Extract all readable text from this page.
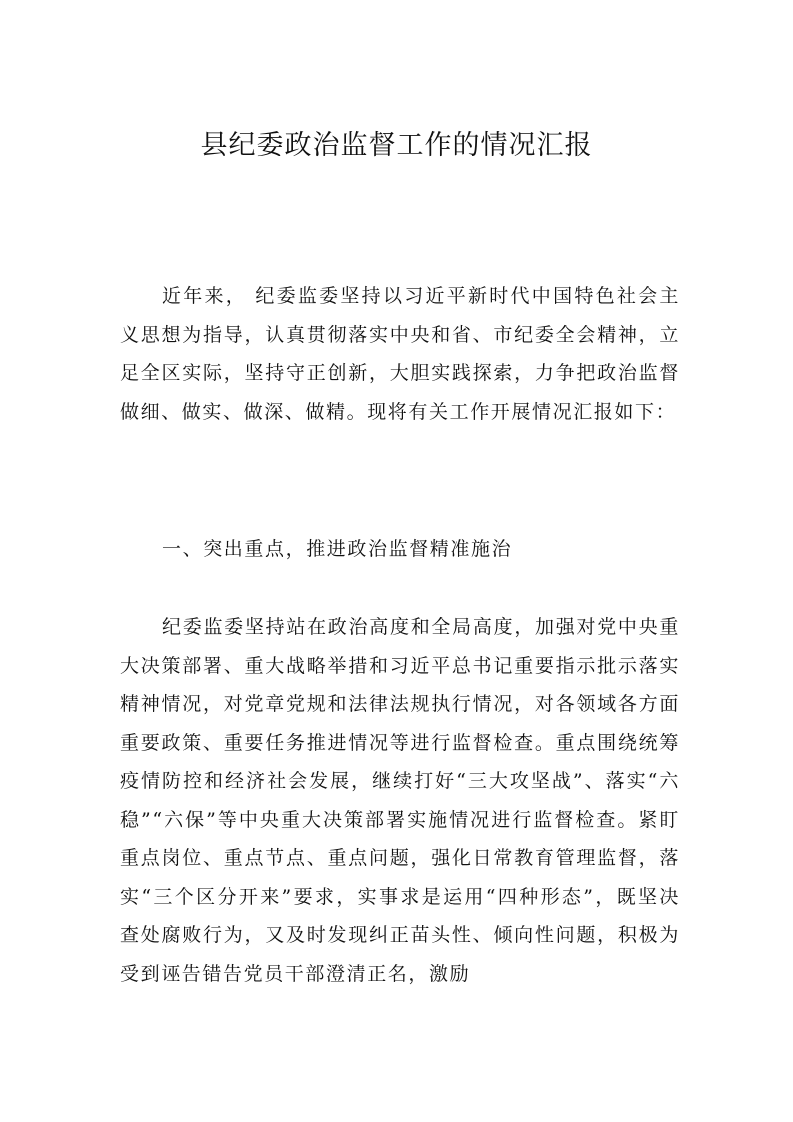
县纪委政治监督工作的情况汇报

近年来， 纪委监委坚持以习近平新时代中国特色社会主义思想为指导，认真贯彻落实中央和省、市纪委全会精神，立足全区实际，坚持守正创新，大胆实践探索，力争把政治监督做细、做实、做深、做精。现将有关工作开展情况汇报如下：

一、突出重点，推进政治监督精准施治

纪委监委坚持站在政治高度和全局高度，加强对党中央重大决策部署、重大战略举措和习近平总书记重要指示批示落实精神情况，对党章党规和法律法规执行情况，对各领域各方面重要政策、重要任务推进情况等进行监督检查。重点围绕统筹疫情防控和经济社会发展，继续打好“三大攻坚战”、落实“六稳”“六保”等中央重大决策部署实施情况进行监督检查。紧盯重点岗位、重点节点、重点问题，强化日常教育管理监督，落实“三个区分开来”要求，实事求是运用“四种形态”，既坚决查处腐败行为，又及时发现纠正苗头性、倾向性问题，积极为受到诬告错告党员干部澄清正名，激励
